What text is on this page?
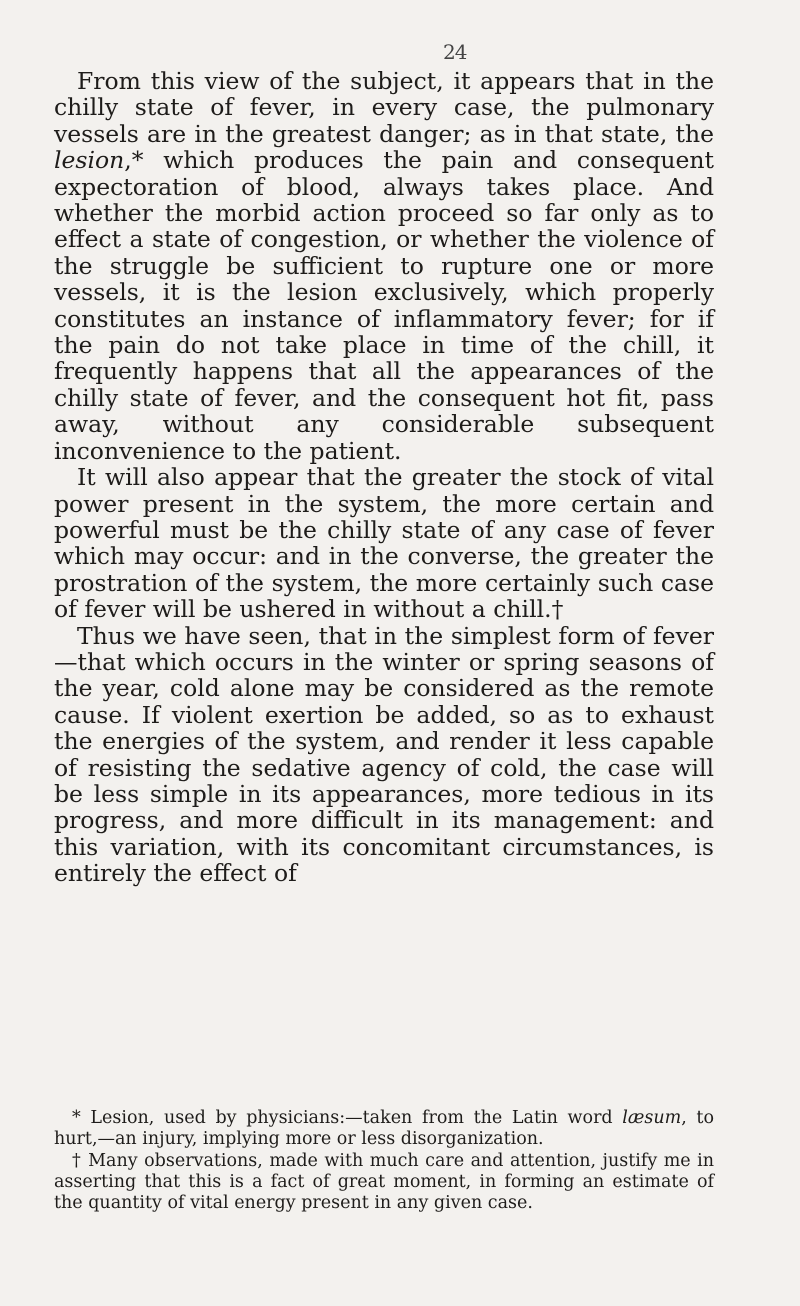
24

From this view of the subject, it appears that in the chilly state of fever, in every case, the pulmonary vessels are in the greatest danger; as in that state, the lesion,* which produces the pain and consequent expectoration of blood, always takes place. And whether the morbid action proceed so far only as to effect a state of congestion, or whether the violence of the struggle be sufficient to rupture one or more vessels, it is the lesion exclusively, which properly constitutes an instance of inflammatory fever; for if the pain do not take place in time of the chill, it frequently happens that all the appearances of the chilly state of fever, and the consequent hot fit, pass away, without any considerable subsequent inconvenience to the patient.

It will also appear that the greater the stock of vital power present in the system, the more certain and powerful must be the chilly state of any case of fever which may occur: and in the converse, the greater the prostration of the system, the more certainly such case of fever will be ushered in without a chill.†

Thus we have seen, that in the simplest form of fever—that which occurs in the winter or spring seasons of the year, cold alone may be considered as the remote cause. If violent exertion be added, so as to exhaust the energies of the system, and render it less capable of resisting the sedative agency of cold, the case will be less simple in its appearances, more tedious in its progress, and more difficult in its management: and this variation, with its concomitant circumstances, is entirely the effect of

* Lesion, used by physicians:—taken from the Latin word læsum, to hurt,—an injury, implying more or less disorganization.

† Many observations, made with much care and attention, justify me in asserting that this is a fact of great moment, in forming an estimate of the quantity of vital energy present in any given case.
